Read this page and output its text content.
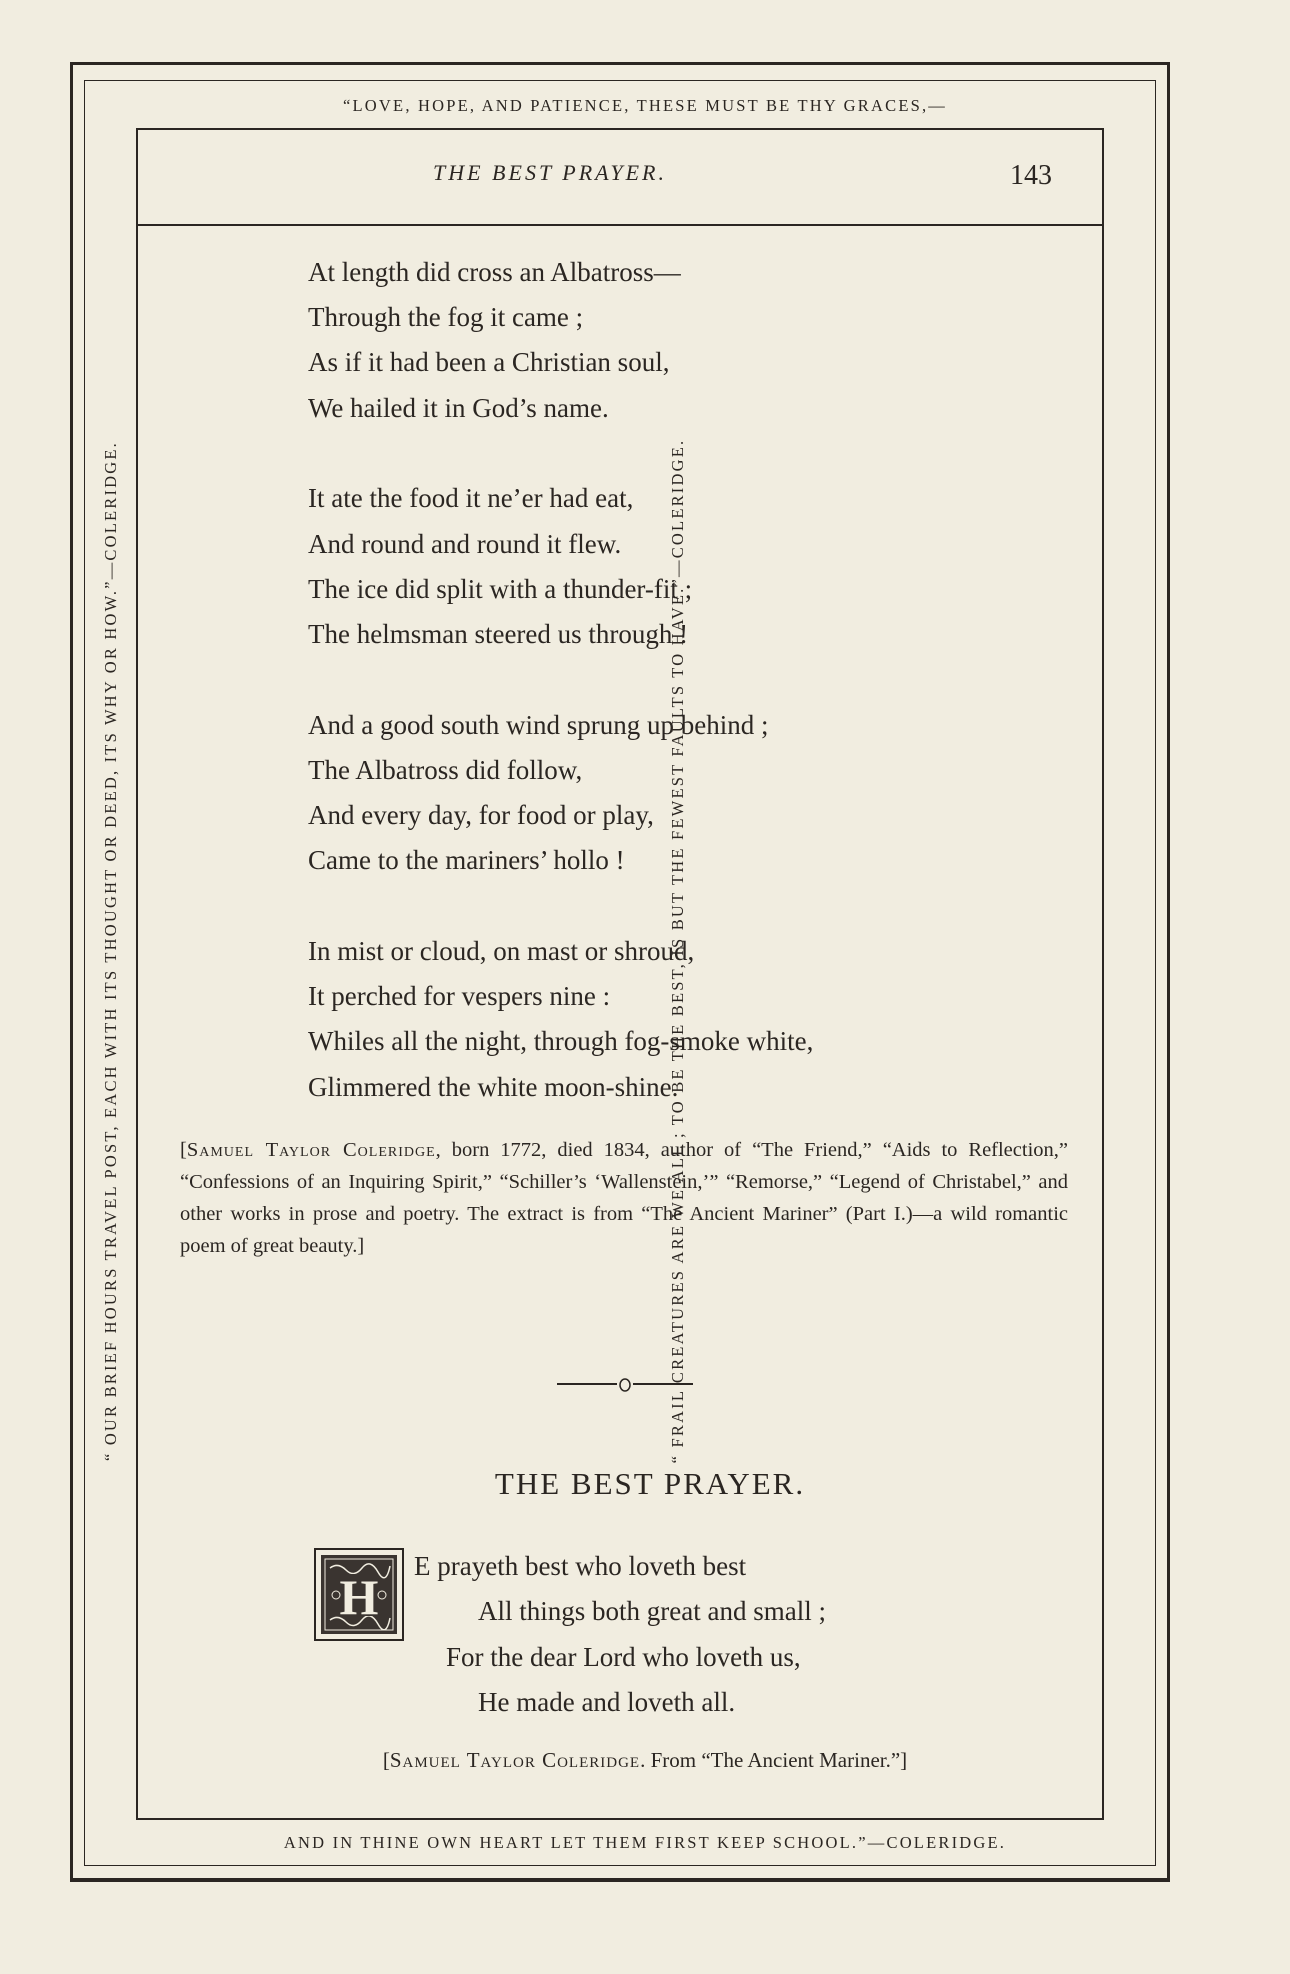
“LOVE, HOPE, AND PATIENCE, THESE MUST BE THY GRACES,—
AND IN THINE OWN HEART LET THEM FIRST KEEP SCHOOL.”—COLERIDGE.
“ OUR BRIEF HOURS TRAVEL POST, EACH WITH ITS THOUGHT OR DEED, ITS WHY OR HOW.”—COLERIDGE.	“ FRAIL CREATURES ARE WE ALL ; TO BE THE BEST, IS BUT THE FEWEST FAULTS TO HAVE.”—COLERIDGE.
THE BEST PRAYER.	143
At length did cross an Albatross—
Through the fog it came ;
As if it had been a Christian soul,
We hailed it in God’s name.
It ate the food it ne’er had eat,
And round and round it flew.
The ice did split with a thunder-fit ;
The helmsman steered us through !
And a good south wind sprung up behind ;
The Albatross did follow,
And every day, for food or play,
Came to the mariners’ hollo !
In mist or cloud, on mast or shroud,
It perched for vespers nine :
Whiles all the night, through fog-smoke white,
Glimmered the white moon-shine.
[Samuel Taylor Coleridge, born 1772, died 1834, author of “The Friend,” “Aids to Reflection,” “Confessions of an Inquiring Spirit,” “Schiller’s ‘Wallenstein,’” “Remorse,” “Legend of Christabel,” and other works in prose and poetry. The extract is from “The Ancient Mariner” (Part I.)—a wild romantic poem of great beauty.]
THE BEST PRAYER.
H
E prayeth best who loveth best
All things both great and small ;
For the dear Lord who loveth us,
He made and loveth all.
[Samuel Taylor Coleridge. From “The Ancient Mariner.”]
